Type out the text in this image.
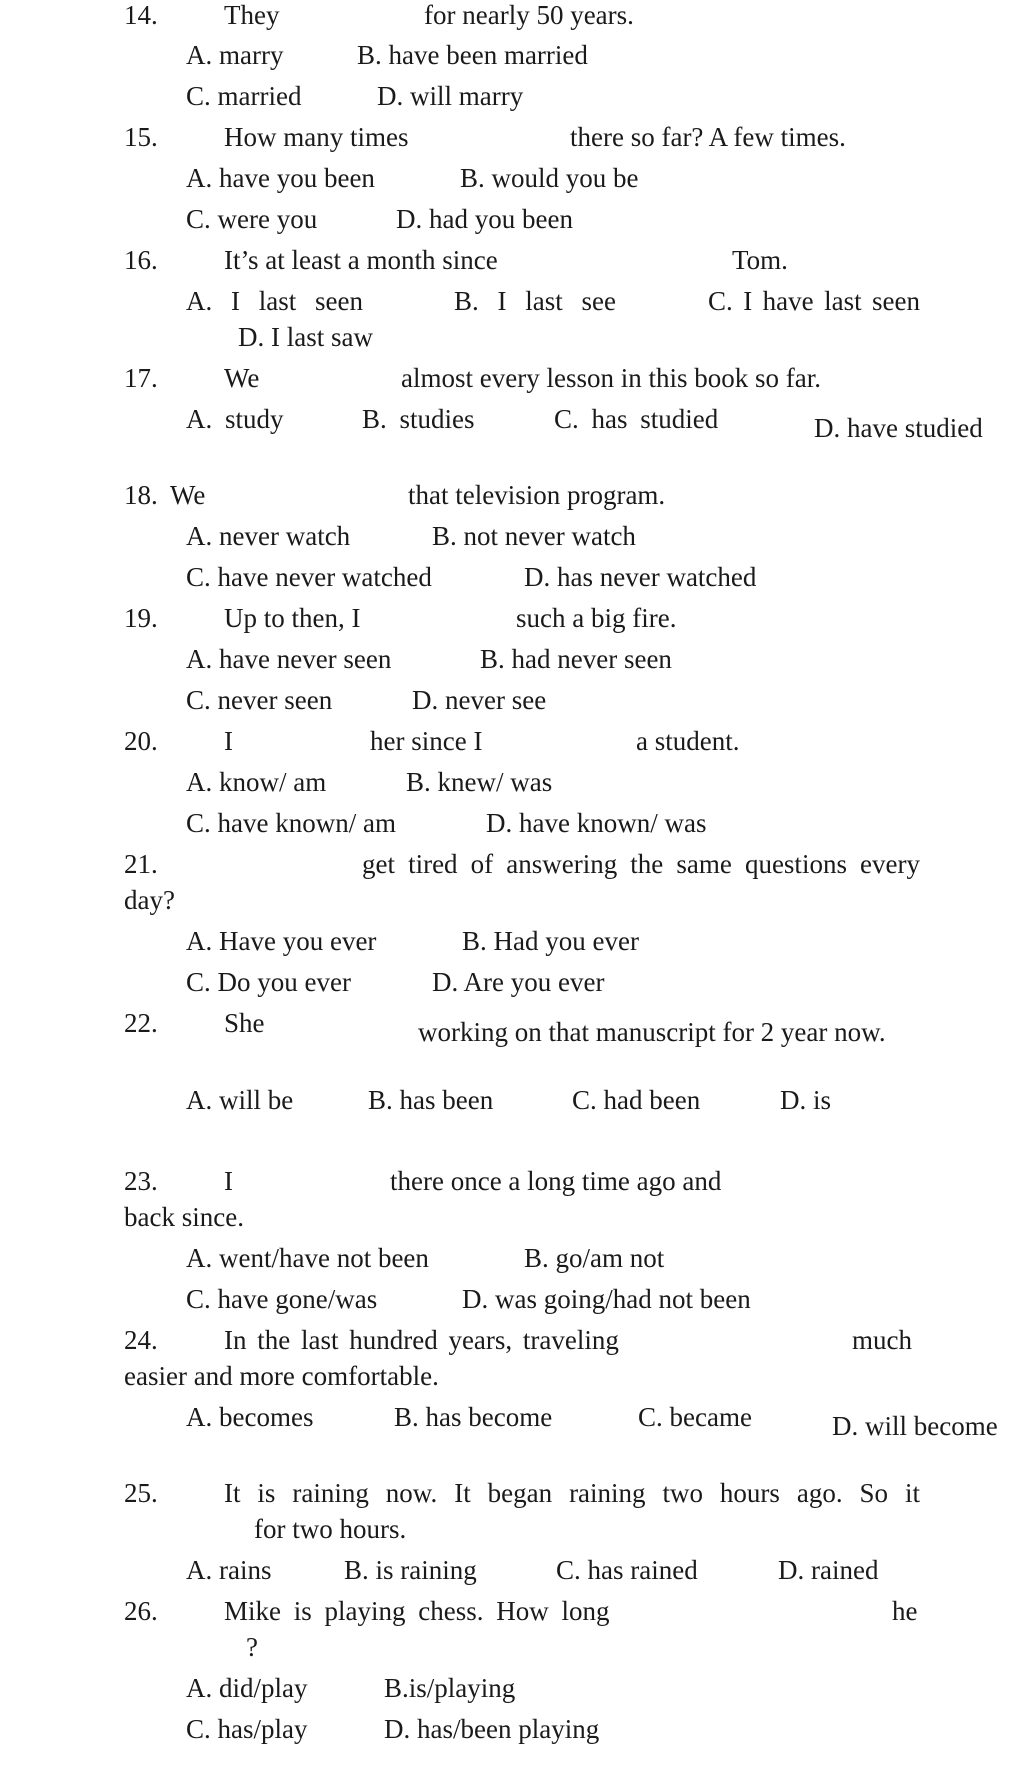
14. They	for nearly 50 years.
A. marry	B. have been married
C. married	D. will marry
15. How many times	there so far? A few times.
A. have you been	B. would you be
C. were you	D. had you been
16. It’s at least a month since	Tom.
A. I last seen	B. I last see	C. I have last seen
D. I last saw
17. We	almost every lesson in this book so far.
A. study	B. studies	C. has studied	D. have studied
18. We	that television program.
A. never watch	B. not never watch
C. have never watched	D. has never watched
19. Up to then, I	such a big fire.
A. have never seen	B. had never seen
C. never seen	D. never see
20. I	her since I	a student.
A. know/ am	B. knew/ was
C. have known/ am	D. have known/ was
21.	get tired of answering the same questions every day?
A. Have you ever	B. Had you ever
C. Do you ever	D. Are you ever
22. She	working on that manuscript for 2 year now.
A. will be	B. has been	C. had been	D. is
23. I	there once a long time ago and
back since.
A. went/have not been	B. go/am not
C. have gone/was	D. was going/had not been
24. In the last hundred years, traveling	much easier and more comfortable.
A. becomes	B. has become	C. became	D. will become
25. It is raining now. It began raining two hours ago. So it
for two hours.
A. rains	B. is raining	C. has rained	D. rained
26. Mike is playing chess. How long	he
?
A. did/play	B.is/playing
C. has/play	D. has/been playing
